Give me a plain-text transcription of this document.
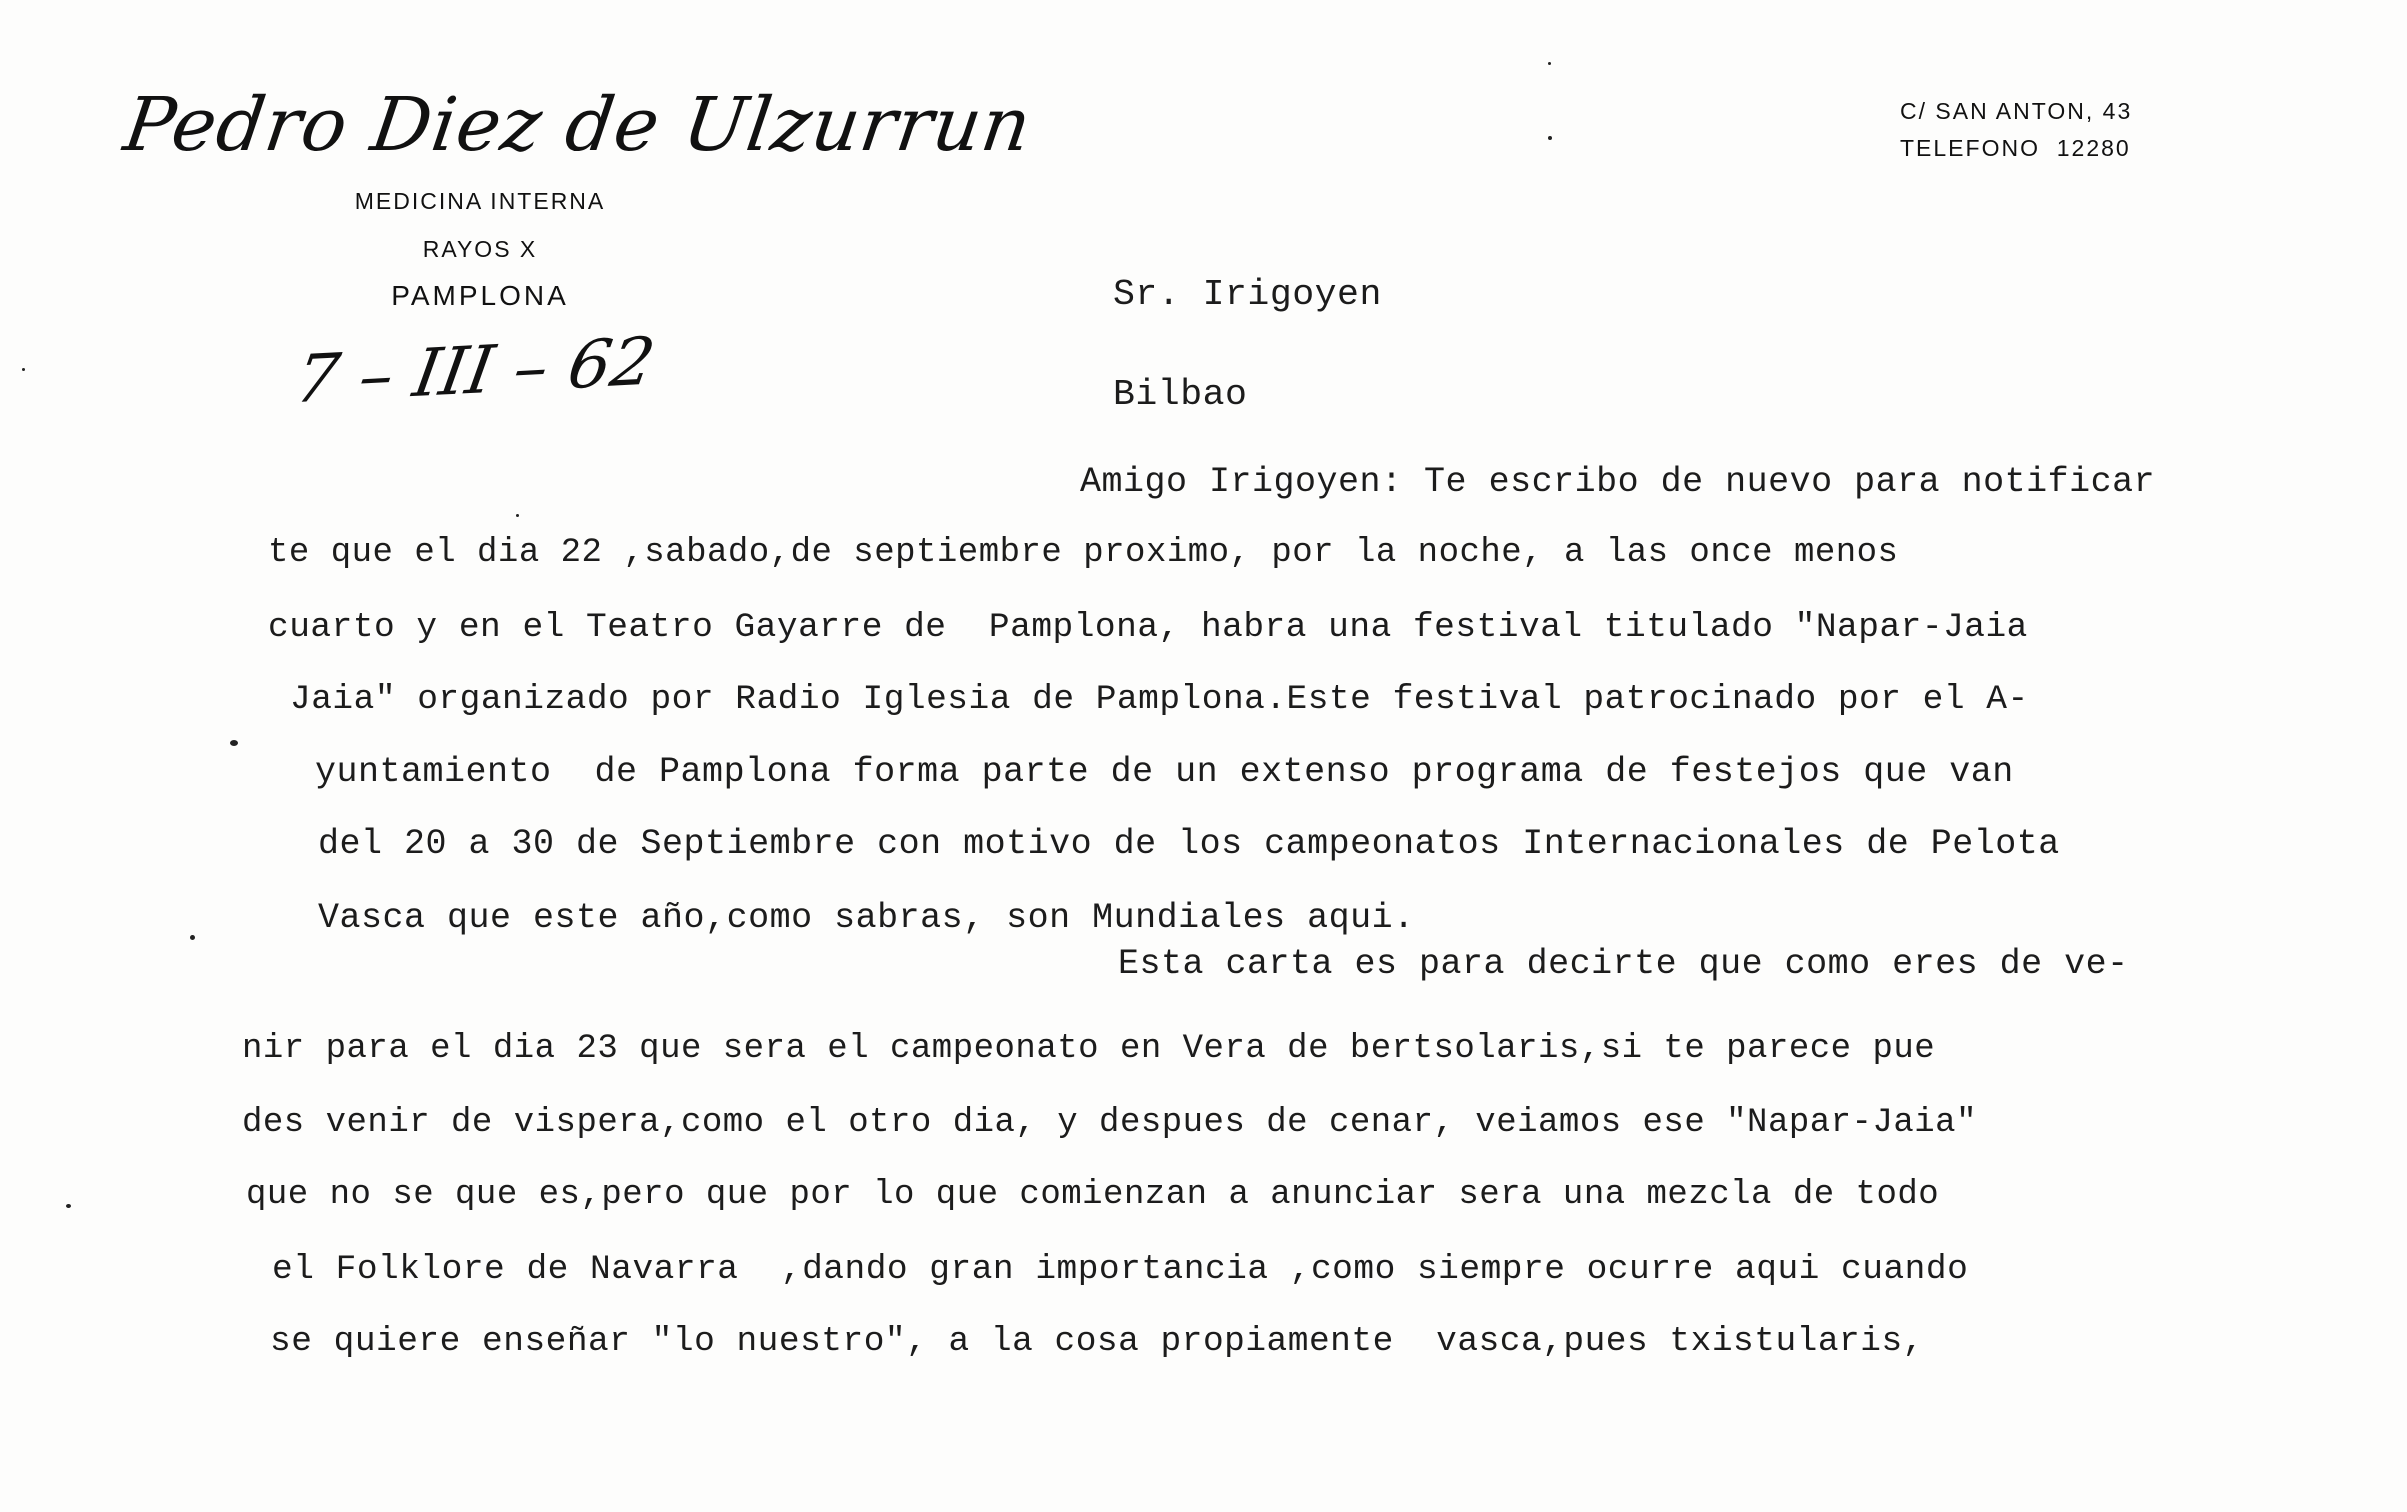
Pedro Diez de Ulzurrun
MEDICINA INTERNA
RAYOS X
PAMPLONA
C/ SAN ANTON, 43
TELEFONO  12280
7 – III – 62
Sr. Irigoyen
Bilbao
Amigo Irigoyen: Te escribo de nuevo para notificar
te que el dia 22 ,sabado,de septiembre proximo, por la noche, a las once menos
cuarto y en el Teatro Gayarre de  Pamplona, habra una festival titulado "Napar-Jaia
Jaia" organizado por Radio Iglesia de Pamplona.Este festival patrocinado por el A-
yuntamiento  de Pamplona forma parte de un extenso programa de festejos que van
del 20 a 30 de Septiembre con motivo de los campeonatos Internacionales de Pelota
Vasca que este año,como sabras, son Mundiales aqui.
Esta carta es para decirte que como eres de ve-
nir para el dia 23 que sera el campeonato en Vera de bertsolaris,si te parece pue
des venir de vispera,como el otro dia, y despues de cenar, veiamos ese "Napar-Jaia"
que no se que es,pero que por lo que comienzan a anunciar sera una mezcla de todo
el Folklore de Navarra  ,dando gran importancia ,como siempre ocurre aqui cuando
se quiere enseñar "lo nuestro", a la cosa propiamente  vasca,pues txistularis,
